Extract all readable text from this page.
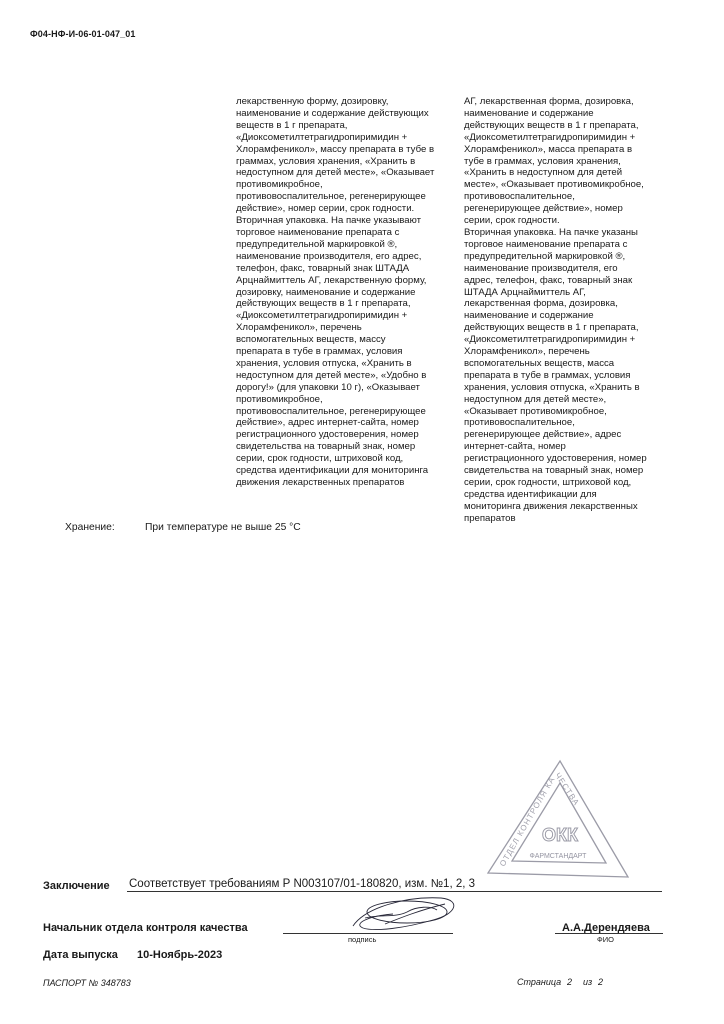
Ф04-НФ-И-06-01-047_01
лекарственную форму, дозировку,
наименование и содержание действующих
веществ в 1 г препарата,
«Диоксометилтетрагидропиримидин +
Хлорамфеникол», массу препарата в тубе в
граммах, условия хранения, «Хранить в
недоступном для детей месте», «Оказывает
противомикробное,
противовоспалительное, регенерирующее
действие», номер серии, срок годности.
Вторичная упаковка. На пачке указывают
торговое наименование препарата с
предупредительной маркировкой ®,
наименование производителя, его адрес,
телефон, факс, товарный знак ШТАДА
Арцнаймиттель АГ, лекарственную форму,
дозировку, наименование и содержание
действующих веществ в 1 г препарата,
«Диоксометилтетрагидропиримидин +
Хлорамфеникол», перечень
вспомогательных веществ, массу
препарата в тубе в граммах, условия
хранения, условия отпуска, «Хранить в
недоступном для детей месте», «Удобно в
дорогу!» (для упаковки 10 г), «Оказывает
противомикробное,
противовоспалительное, регенерирующее
действие», адрес интернет-сайта, номер
регистрационного удостоверения, номер
свидетельства на товарный знак, номер
серии, срок годности, штриховой код,
средства идентификации для мониторинга
движения лекарственных препаратов
АГ, лекарственная форма, дозировка,
наименование и содержание
действующих веществ в 1 г препарата,
«Диоксометилтетрагидропиримидин +
Хлорамфеникол», масса препарата в
тубе в граммах, условия хранения,
«Хранить в недоступном для детей
месте», «Оказывает противомикробное,
противовоспалительное,
регенерирующее действие», номер
серии, срок годности.
Вторичная упаковка. На пачке указаны
торговое наименование препарата с
предупредительной маркировкой ®,
наименование производителя, его
адрес, телефон, факс, товарный знак
ШТАДА Арцнаймиттель АГ,
лекарственная форма, дозировка,
наименование и содержание
действующих веществ в 1 г препарата,
«Диоксометилтетрагидропиримидин +
Хлорамфеникол», перечень
вспомогательных веществ, масса
препарата в тубе в граммах, условия
хранения, условия отпуска, «Хранить в
недоступном для детей месте»,
«Оказывает противомикробное,
противовоспалительное,
регенерирующее действие», адрес
интернет-сайта, номер
регистрационного удостоверения, номер
свидетельства на товарный знак, номер
серии, срок годности, штриховой код,
средства идентификации для
мониторинга движения лекарственных
препаратов
Хранение:	При температуре не выше 25 °С
ОТДЕЛ КОНТРОЛЯ КАЧЕСТВА
ОКК
ФАРМСТАНДАРТ
Заключение Соответствует требованиям Р N003107/01-180820, изм. №1, 2, 3
Начальник отдела контроля качества
подпись
А.А.Дерендяева
ФИО
Дата выпуска 10-Ноябрь-2023
ПАСПОРТ № 348783	Страница 2 из 2
